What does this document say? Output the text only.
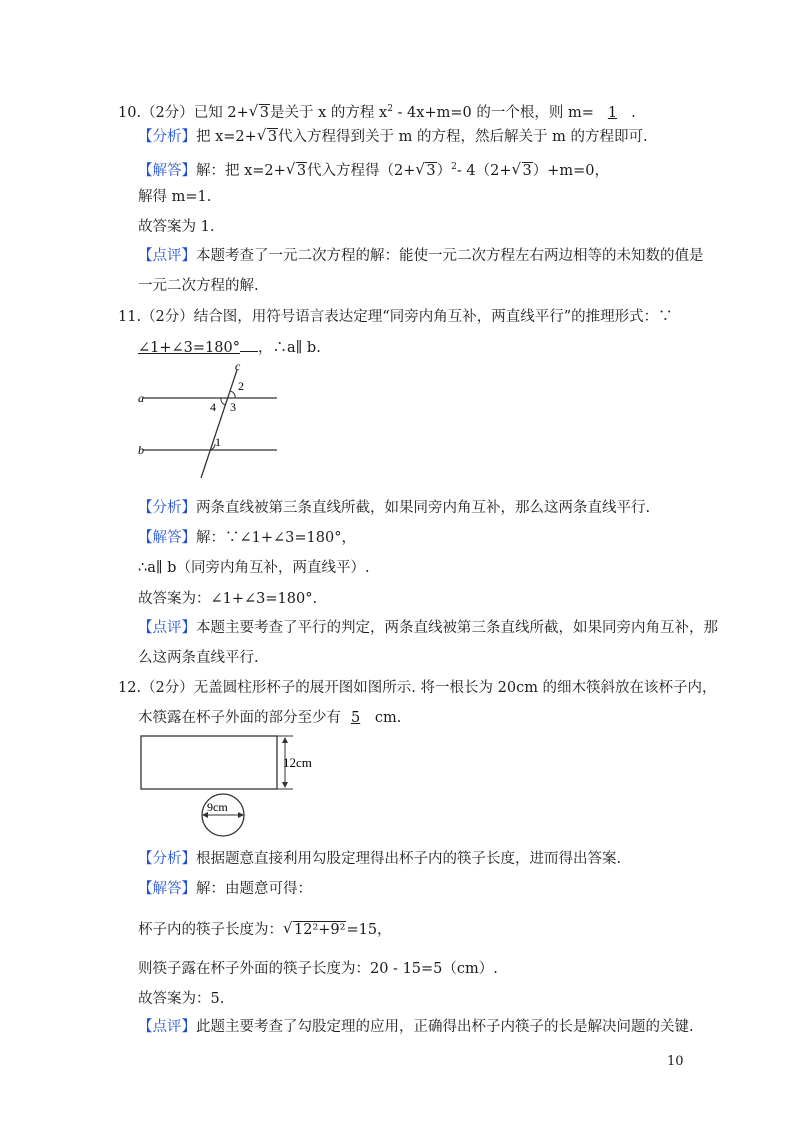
10.（2分）已知 2+ √ 3是关于 x 的方程 $x^2 - 4x+m=0$ 的一个根，则 m= 1 .
【分析】把 x=2+ √ 3代入方程得到关于 m 的方程，然后解关于 m 的方程即可.
【解答】解：把 x=2+ √ 3代入方程得（2+ √ 3）$^2$- 4（2+ √ 3）+m=0，
解得 m=1.
故答案为 1.
【点评】本题考查了一元二次方程的解：能使一元二次方程左右两边相等的未知数的值是
一元二次方程的解.
11.（2分）结合图，用符号语言表达定理“同旁内角互补，两直线平行”的推理形式：∵
∠1+∠3=180° ，∴a∥ b.
c
a
b
2
4 3
1
【分析】两条直线被第三条直线所截，如果同旁内角互补，那么这两条直线平行.
【解答】解：∵∠1+∠3=180°，
∴a∥ b（同旁内角互补，两直线平）.
故答案为：∠1+∠3=180°.
【点评】本题主要考查了平行的判定，两条直线被第三条直线所截，如果同旁内角互补，那
么这两条直线平行.
12.（2分）无盖圆柱形杯子的展开图如图所示. 将一根长为 20cm 的细木筷斜放在该杯子内，
木筷露在杯子外面的部分至少有 5 cm.
12cm
9cm
【分析】根据题意直接利用勾股定理得出杯子内的筷子长度，进而得出答案.
【解答】解：由题意可得：
杯子内的筷子长度为： √ 12²+9²=15，
则筷子露在杯子外面的筷子长度为：20 - 15=5（cm）.
故答案为：5.
【点评】此题主要考查了勾股定理的应用，正确得出杯子内筷子的长是解决问题的关键.
10
